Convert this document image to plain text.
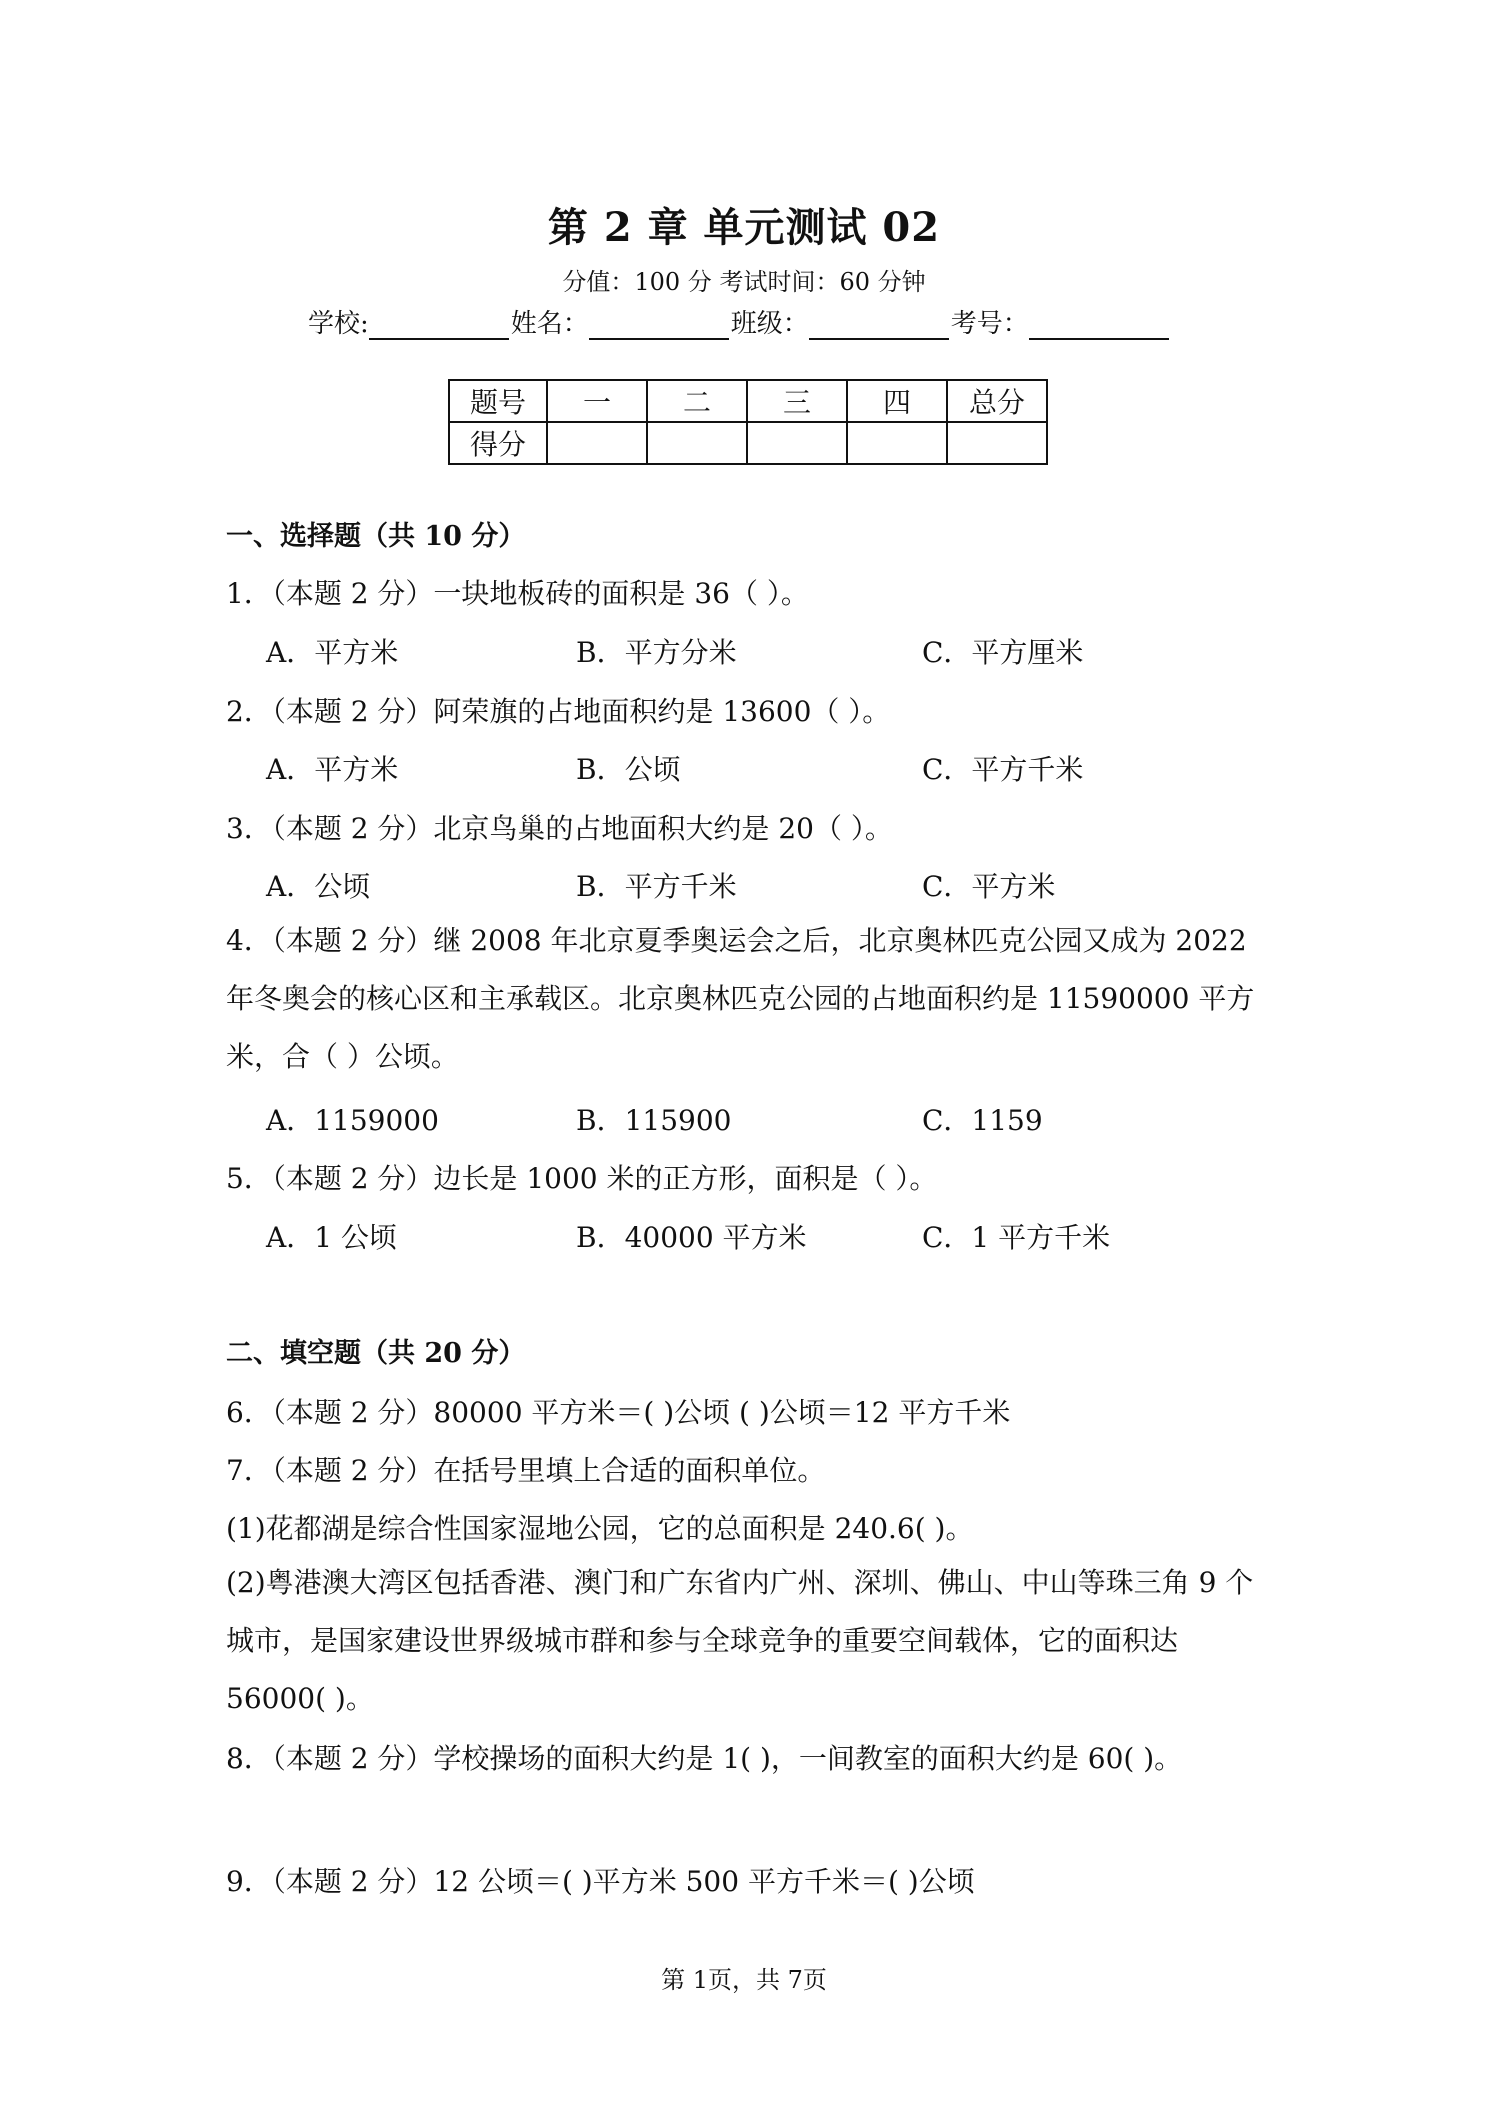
第 2 章 单元测试 02
分值：100 分 考试时间：60 分钟
学校:	姓名：	班级：	考号：
题号	一	二	三	四	总分
得分					
一、选择题（共 10 分）
1．（本题 2 分）一块地板砖的面积是 36（ ）。
A．平方米	B．平方分米	C．平方厘米
2．（本题 2 分）阿荣旗的占地面积约是 13600（ ）。
A．平方米	B．公顷	C．平方千米
3．（本题 2 分）北京鸟巢的占地面积大约是 20（ ）。
A．公顷	B．平方千米	C．平方米
4．（本题 2 分）继 2008 年北京夏季奥运会之后，北京奥林匹克公园又成为 2022 年冬奥会的核心区和主承载区。北京奥林匹克公园的占地面积约是 11590000 平方米，合（ ）公顷。
A．1159000	B．115900	C．1159
5．（本题 2 分）边长是 1000 米的正方形，面积是（ ）。
A．1 公顷	B．40000 平方米	C．1 平方千米
二、填空题（共 20 分）
6．（本题 2 分）80000 平方米＝( )公顷 ( )公顷＝12 平方千米
7．（本题 2 分）在括号里填上合适的面积单位。
(1)花都湖是综合性国家湿地公园，它的总面积是 240.6( )。
(2)粤港澳大湾区包括香港、澳门和广东省内广州、深圳、佛山、中山等珠三角 9 个城市，是国家建设世界级城市群和参与全球竞争的重要空间载体，它的面积达 56000( )。
8．（本题 2 分）学校操场的面积大约是 1( )，一间教室的面积大约是 60( )。
9．（本题 2 分）12 公顷＝( )平方米 500 平方千米＝( )公顷
第 1页，共 7页
